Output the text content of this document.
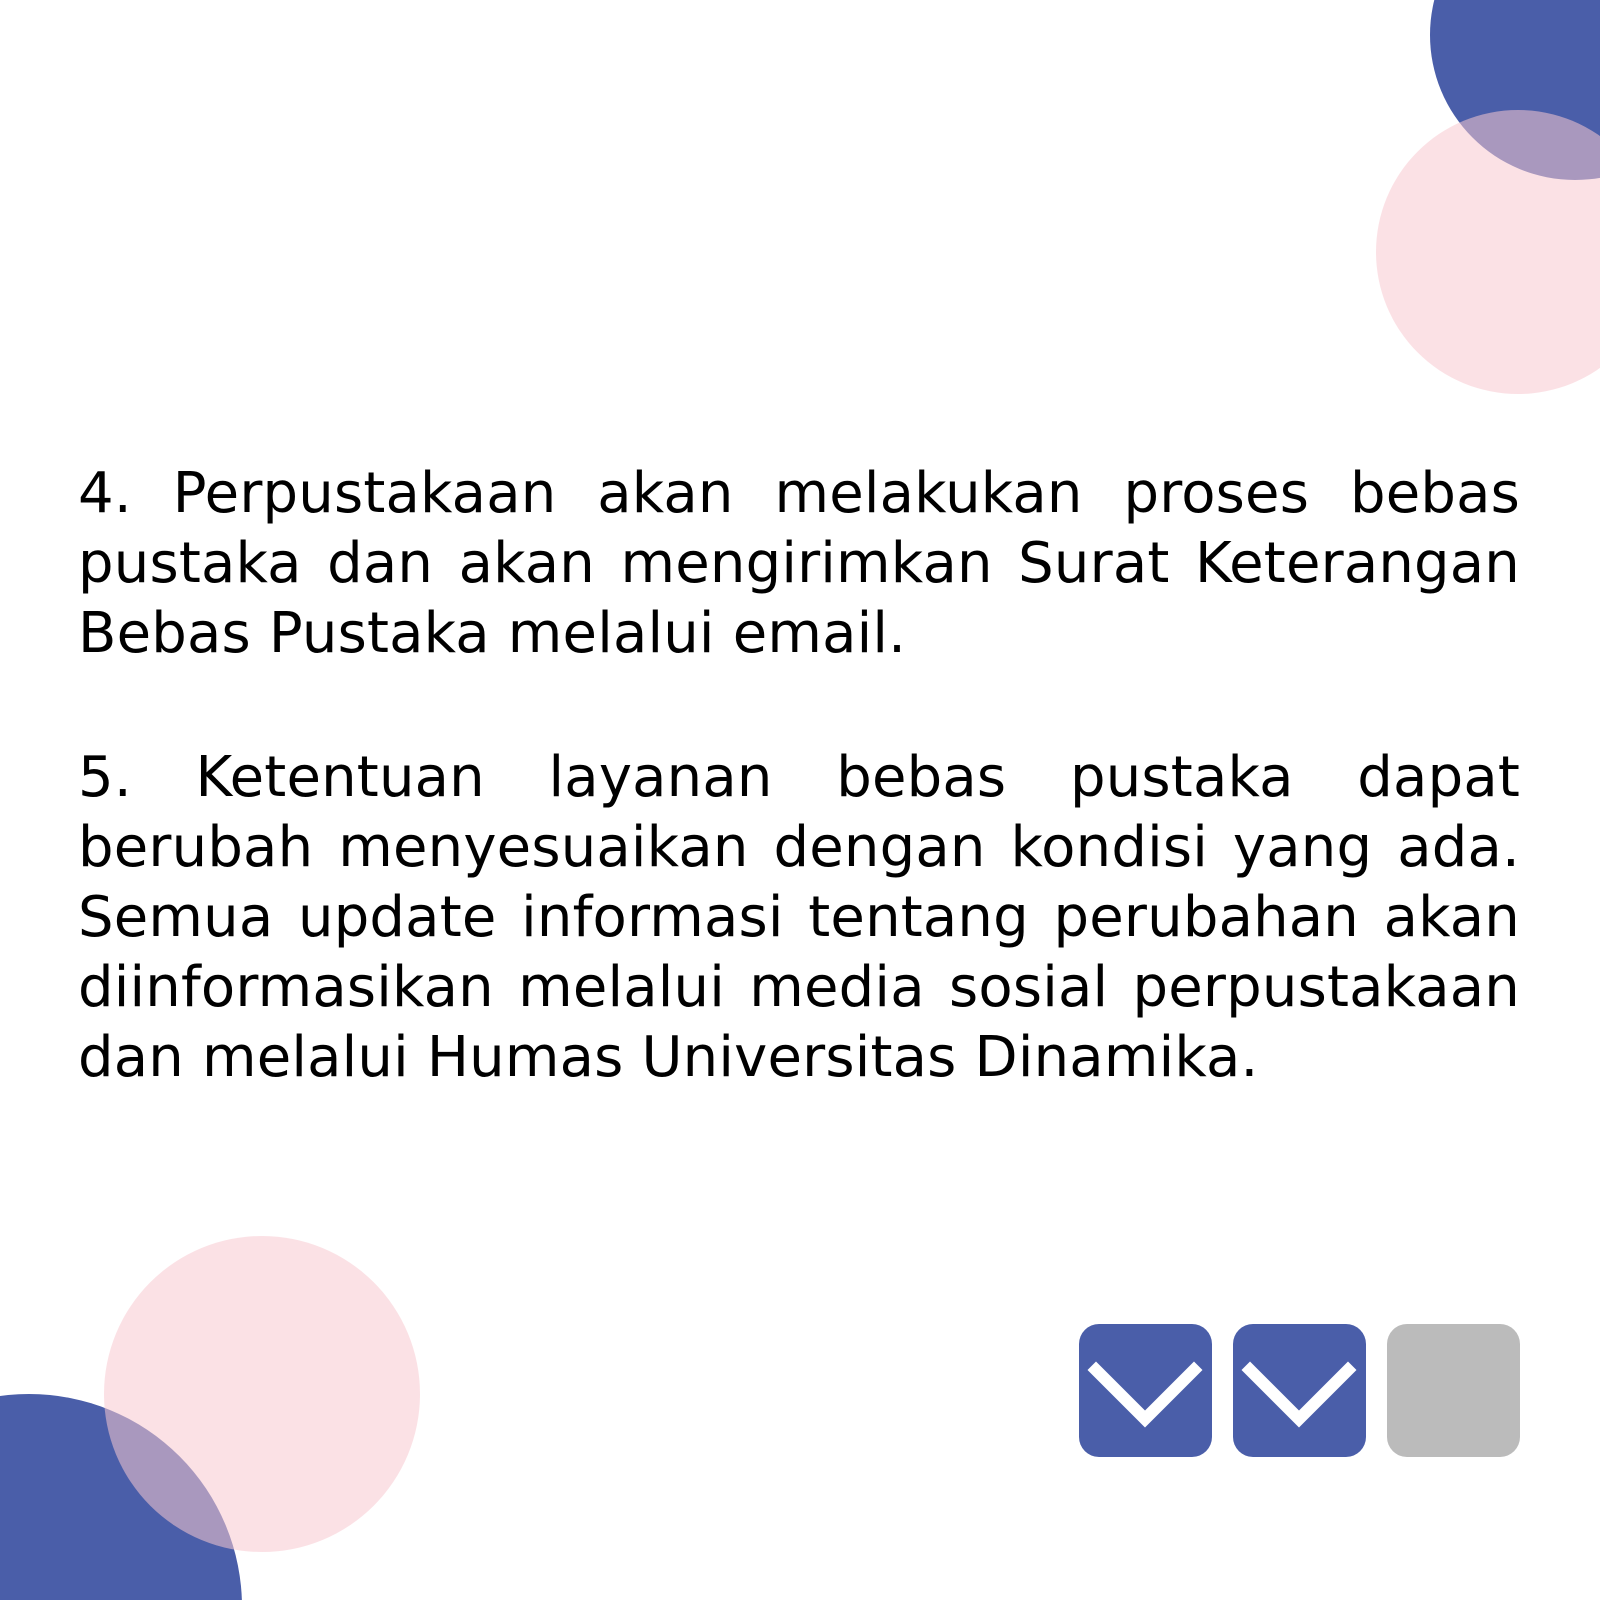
4. Perpustakaan akan melakukan proses bebas pustaka dan akan mengirimkan Surat Keterangan Bebas Pustaka melalui email.

5. Ketentuan layanan bebas pustaka dapat berubah menyesuaikan dengan kondisi yang ada. Semua update informasi tentang perubahan akan diinformasikan melalui media sosial perpustakaan dan melalui Humas Universitas Dinamika.
